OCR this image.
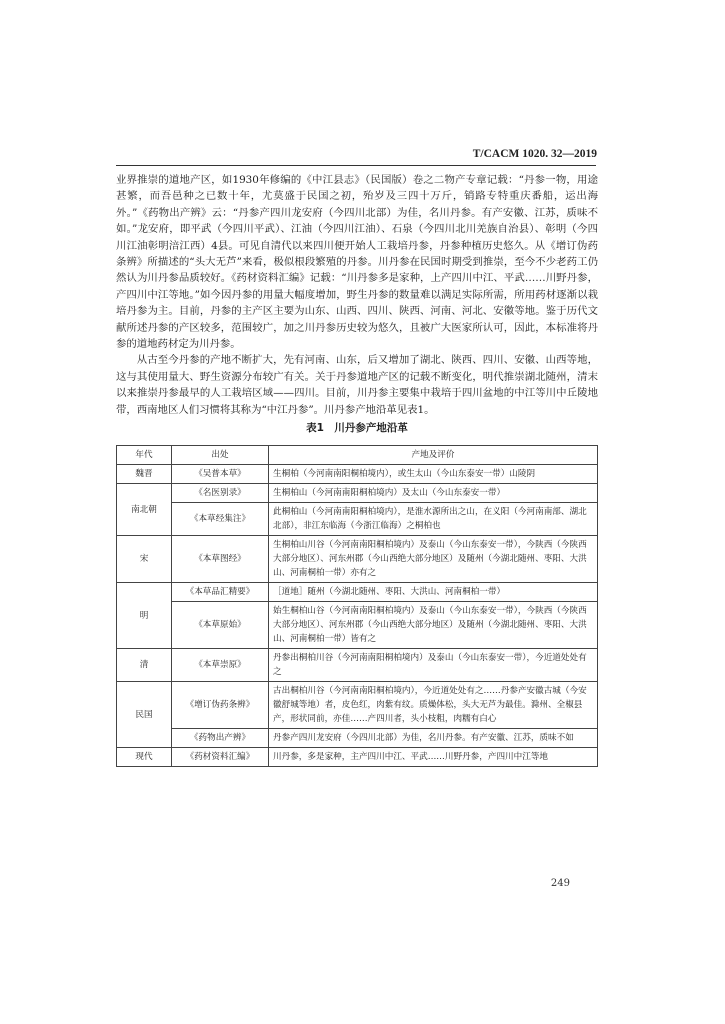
T/CACM 1020. 32—2019

业界推崇的道地产区，如1930年修编的《中江县志》（民国版）卷之二物产专章记载：“丹参一物，用途甚繁，而吾邑种之已数十年，尤莫盛于民国之初，殆岁及三四十万斤，销路专特重庆番船，运出海外。”《药物出产辨》云：“丹参产四川龙安府（今四川北部）为佳，名川丹参。有产安徽、江苏，质味不如。”龙安府，即平武（今四川平武）、江油（今四川江油）、石泉（今四川北川羌族自治县）、彰明（今四川江油彰明涪江西）4县。可见自清代以来四川便开始人工栽培丹参，丹参种植历史悠久。从《增订伪药条辨》所描述的“头大无芦”来看，极似根段繁殖的丹参。川丹参在民国时期受到推崇，至今不少老药工仍然认为川丹参品质较好。《药材资料汇编》记载：“川丹参多是家种，上产四川中江、平武……川野丹参，产四川中江等地。”如今因丹参的用量大幅度增加，野生丹参的数量难以满足实际所需，所用药材逐渐以栽培丹参为主。目前，丹参的主产区主要为山东、山西、四川、陕西、河南、河北、安徽等地。鉴于历代文献所述丹参的产区较多，范围较广，加之川丹参历史较为悠久，且被广大医家所认可，因此，本标准将丹参的道地药材定为川丹参。

从古至今丹参的产地不断扩大，先有河南、山东，后又增加了湖北、陕西、四川、安徽、山西等地，这与其使用量大、野生资源分布较广有关。关于丹参道地产区的记载不断变化，明代推崇湖北随州，清末以来推崇丹参最早的人工栽培区域——四川。目前，川丹参主要集中栽培于四川盆地的中江等川中丘陵地带，西南地区人们习惯将其称为“中江丹参”。川丹参产地沿革见表1。

表1　川丹参产地沿革
年代	出处	产地及评价
魏晋	《吴普本草》	生桐柏（今河南南阳桐柏境内），或生太山（今山东泰安一带）山陵阴
南北朝	《名医别录》	生桐柏山（今河南南阳桐柏境内）及太山（今山东泰安一带）
	《本草经集注》	此桐柏山（今河南南阳桐柏境内），是淮水源所出之山，在义阳（今河南南部、湖北北部），非江东临海（今浙江临海）之桐柏也
宋	《本草图经》	生桐柏山川谷（今河南南阳桐柏境内）及泰山（今山东泰安一带），今陕西（今陕西大部分地区）、河东州郡（今山西绝大部分地区）及随州（今湖北随州、枣阳、大洪山、河南桐柏一带）亦有之
明	《本草品汇精要》	［道地］随州（今湖北随州、枣阳、大洪山、河南桐柏一带）
	《本草原始》	始生桐柏山谷（今河南南阳桐柏境内）及泰山（今山东泰安一带），今陕西（今陕西大部分地区）、河东州郡（今山西绝大部分地区）及随州（今湖北随州、枣阳、大洪山、河南桐柏一带）皆有之
清	《本草崇原》	丹参出桐柏川谷（今河南南阳桐柏境内）及泰山（今山东泰安一带），今近道处处有之
民国	《增订伪药条辨》	古出桐柏川谷（今河南南阳桐柏境内），今近道处处有之……丹参产安徽古城（今安徽舒城等地）者，皮色红，肉紫有纹。质燥体松，头大无芦为最佳。滁州、全椒县产，形状同前，亦佳……产四川者，头小枝粗，肉糯有白心
	《药物出产辨》	丹参产四川龙安府（今四川北部）为佳，名川丹参。有产安徽、江苏，质味不如
现代	《药材资料汇编》	川丹参，多是家种，主产四川中江、平武……川野丹参，产四川中江等地
249
